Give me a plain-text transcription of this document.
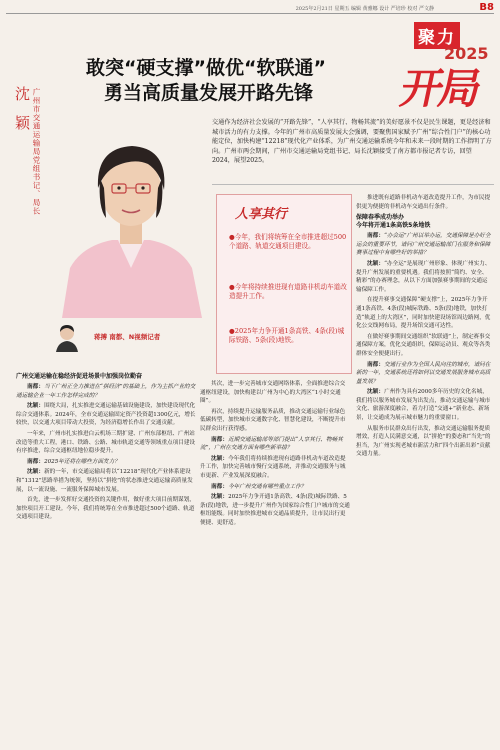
2025年2月21日 星期五 编辑 黄雅娜 设计 严培珍 校对 严文静	B8
聚力
2025
开局
敢突“硬支撑”做优“软联通”
勇当高质量发展开路先锋
沈颖 广州市交通运输局党组书记、局长	交通作为经济社会发展的“开路先锋”，“人享其行、物畅其流”的美好愿景不仅是民生课题，更是经济和城市活力的有力支撑。今年的广州市高质量发展大会强调，要聚焦国家赋予广州“综合性门户”的核心功能定位，加快构建“12218”现代化产业体系，为广州交通运输系统今年和未来一段时期的工作指明了方向。广州市两会期间，广州市交通运输局党组书记、局长沈颖接受了南方都市报记者专访，回望2024，展望2025。
人享其行
●今年，我们将统筹在全市推进超过500个道路、轨道交通项目建设。
●今年将持续推进现有道路非机动车道改造提升工作。
●2025年力争开通1条高铁、4条(段)城际铁路、5条(段)地铁。
蒋搏 南都、N视频记者
广州交通运输在稳经济促进场景中加强岗位勤奋

南都：当下广州正全力推进在“拼经济”的基础上，作为主抓产业的交通运输企业一年工作怎样完成的？

沈颖：围绕大局，扎实推进交通运输基础设施建设，加快建设现代化综合交通体系。2024年，全市交通运输固定资产投资超1300亿元，增长较快，以交通大项目带动大投资，为经济稳增长作出了交通贡献。

一年来，广州市扎实推进白云机场三期扩建、广州东部枢纽、广州站改造等重大工程，港口、铁路、公路、城市轨道交通等领域重点项目建设有序推进，综合交通枢纽地位稳步提升。

南都：2025年还将在哪些方面发力？

沈颖：新的一年，市交通运输局将以“12218”现代化产业体系建设和“1312”思路举措为统领，坚持以“拼抢”的状态推进交通运输高质量发展，以一流设施、一流服务保障城市发展。

首先，进一步发挥好交通投资的关键作用，做好重大项目前期谋划，加快项目开工建设。今年，我们将统筹在全市推进超过500个道路、轨道交通项目建设。

其次，进一步完善城市交通网络体系，全面推进综合交通枢纽建设，加快构建以广州为中心的大湾区“1小时交通圈”。

再次，持续提升运输服务品质，推动交通运输行业绿色低碳转型，加快城市交通数字化、智慧化建设，不断提升市民群众出行获得感。

南都：近期交通运输部等部门提出“人享其行、物畅其流”，广州在交通方面有哪些新举措？

沈颖：今年我们将持续推进现有道路非机动车道改造提升工作，加快完善城市慢行交通系统，并推动交通服务与城市更新、产业发展深度融合。

南都：今年广州交通有哪些重点工作？

沈颖：2025年力争开通1条高铁、4条(段)城际铁路、5条(段)地铁，进一步提升广州作为国家综合性门户城市的交通枢纽能级。同时加快推进城市交通品质提升，让市民出行更便捷、更舒适。

推进既有道路非机动车道改造提升工作，为市民提供更为便捷的非机动车交通出行条件。

保障春季成功举办
今年将开通1条高铁5条地铁

南都：“办会运”广州以举办运，交通保障是办好全运会的重要环节，请问广州交通运输部门在服务和保障赛事过程中有哪些好的举措？

沈颖：“办全运”是展现广州形象、体现广州实力、提升广州发展的重要机遇。我们将按照“简约、安全、精彩”的办赛理念，从以下方面加强赛事期间的交通运输保障工作。

在提升赛事交通保障“硬支撑”上，2025年力争开通1条高铁、4条(段)城际铁路、5条(段)地铁，加快打造“轨道上的大湾区”，同时加快建设场馆周边路网，优化公交线网布局，提升场馆交通可达性。

在做好赛事期间交通组织“软联通”上，制定赛事交通保障方案，优化交通组织，保障运动员、观众等各类群体安全便捷出行。

南都：交通行业作为全国人民向往的城市，请问在新的一年，交通系统还将如何以交通发展服务城市高质量发展？

沈颖：广州作为具有2000多年历史的文化名城，我们将以服务城市发展为出发点，推动交通运输与城市文化、旅游深度融合，着力打造“交通+”新业态、新场景，让交通成为展示城市魅力的重要窗口。

从服务市民群众出行出发，推动交通运输服务提质增效，打造人民满意交通，以“拼抢”的姿态和“当先”的担当，为广州实现老城市新活力和“四个出新出彩”贡献交通力量。
